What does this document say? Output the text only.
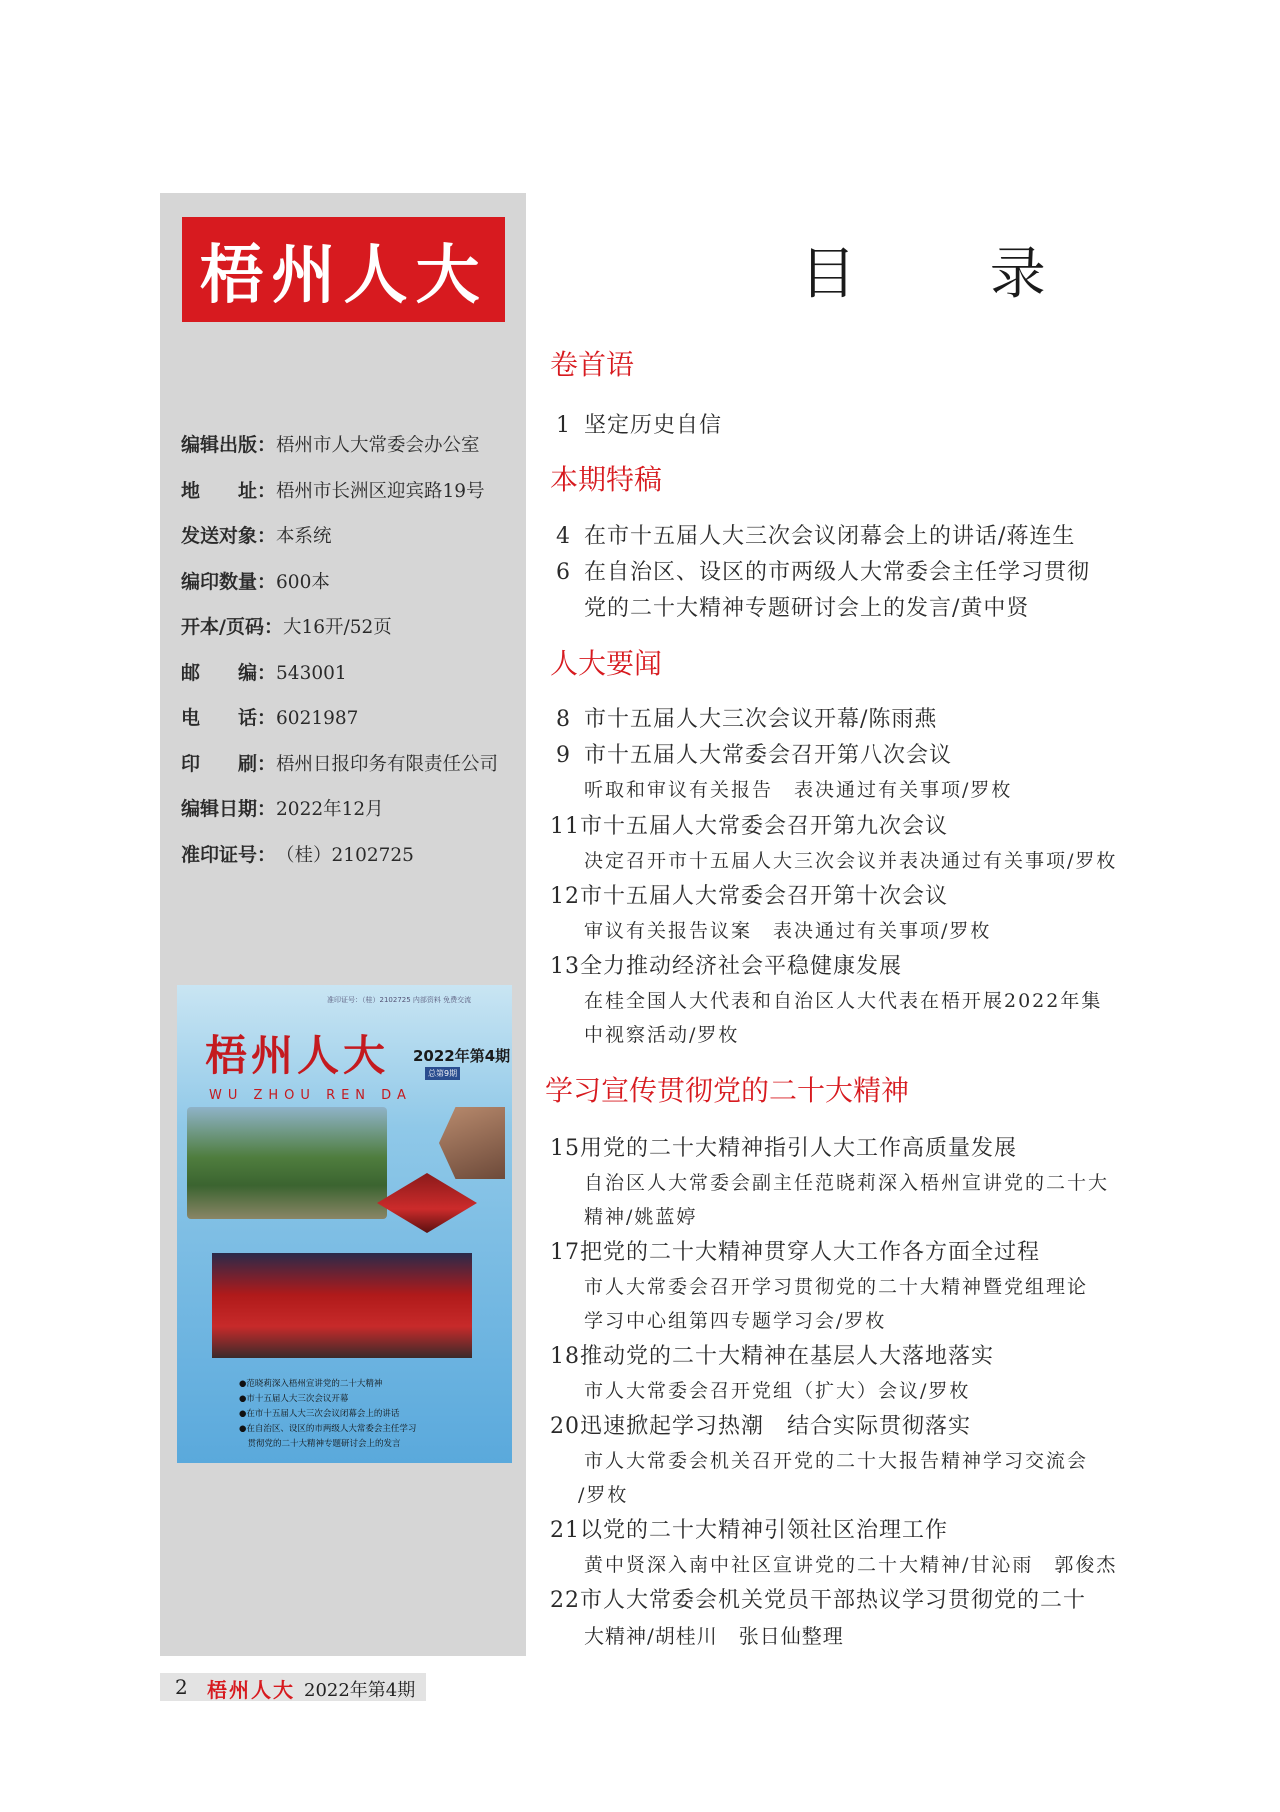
梧州人大
编辑出版 ： 梧州市人大常委会办公室
地　　址 ： 梧州市长洲区迎宾路19号
发送对象 ： 本系统
编印数量 ： 600本
开本/页码 ： 大16开/52页
邮　　编 ： 543001
电　　话 ： 6021987
印　　刷 ： 梧州日报印务有限责任公司
编辑日期 ： 2022年12月
准印证号 ： （桂）2102725
准印证号：（桂）2102725 内部资料 免费交流
梧州人大 2022年第4期
总第9期
WU ZHOU REN DA
●范晓莉深入梧州宣讲党的二十大精神
●市十五届人大三次会议开幕
●在市十五届人大三次会议闭幕会上的讲话
●在自治区、设区的市两级人大常委会主任学习
　贯彻党的二十大精神专题研讨会上的发言
2 梧州人大 2022年第4期
目 录
卷首语
1 坚定历史自信
本期特稿
4 在市十五届人大三次会议闭幕会上的讲话/蒋连生
6 在自治区、设区的市两级人大常委会主任学习贯彻
党的二十大精神专题研讨会上的发言/黄中贤
人大要闻
8 市十五届人大三次会议开幕/陈雨燕
9 市十五届人大常委会召开第八次会议
听取和审议有关报告　表决通过有关事项/罗枚
11市十五届人大常委会召开第九次会议
决定召开市十五届人大三次会议并表决通过有关事项/罗枚
12市十五届人大常委会召开第十次会议
审议有关报告议案　表决通过有关事项/罗枚
13全力推动经济社会平稳健康发展
在桂全国人大代表和自治区人大代表在梧开展2022年集
中视察活动/罗枚
学习宣传贯彻党的二十大精神
15用党的二十大精神指引人大工作高质量发展
自治区人大常委会副主任范晓莉深入梧州宣讲党的二十大
精神/姚蓝婷
17把党的二十大精神贯穿人大工作各方面全过程
市人大常委会召开学习贯彻党的二十大精神暨党组理论
学习中心组第四专题学习会/罗枚
18推动党的二十大精神在基层人大落地落实
市人大常委会召开党组（扩大）会议/罗枚
20迅速掀起学习热潮　结合实际贯彻落实
市人大常委会机关召开党的二十大报告精神学习交流会
/罗枚
21以党的二十大精神引领社区治理工作
黄中贤深入南中社区宣讲党的二十大精神/甘沁雨　郭俊杰
22市人大常委会机关党员干部热议学习贯彻党的二十
大精神/胡桂川　张日仙整理
